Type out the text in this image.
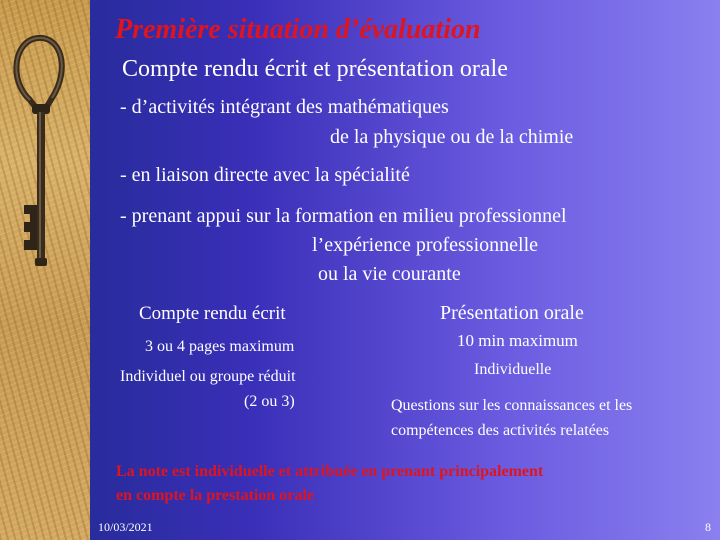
Première situation d’évaluation
Compte rendu écrit et présentation orale
- d’activités intégrant des mathématiques
de la physique ou de la chimie
- en liaison directe avec la spécialité
- prenant appui sur la formation en milieu professionnel
l’expérience professionnelle
ou la vie courante
Compte rendu écrit
3 ou 4 pages maximum
Individuel ou groupe réduit
(2 ou 3)
Présentation orale
10 min maximum
Individuelle
Questions sur les connaissances et les
compétences des activités relatées
La note est individuelle et attribuée en prenant principalement
en compte la prestation orale
10/03/2021	8
